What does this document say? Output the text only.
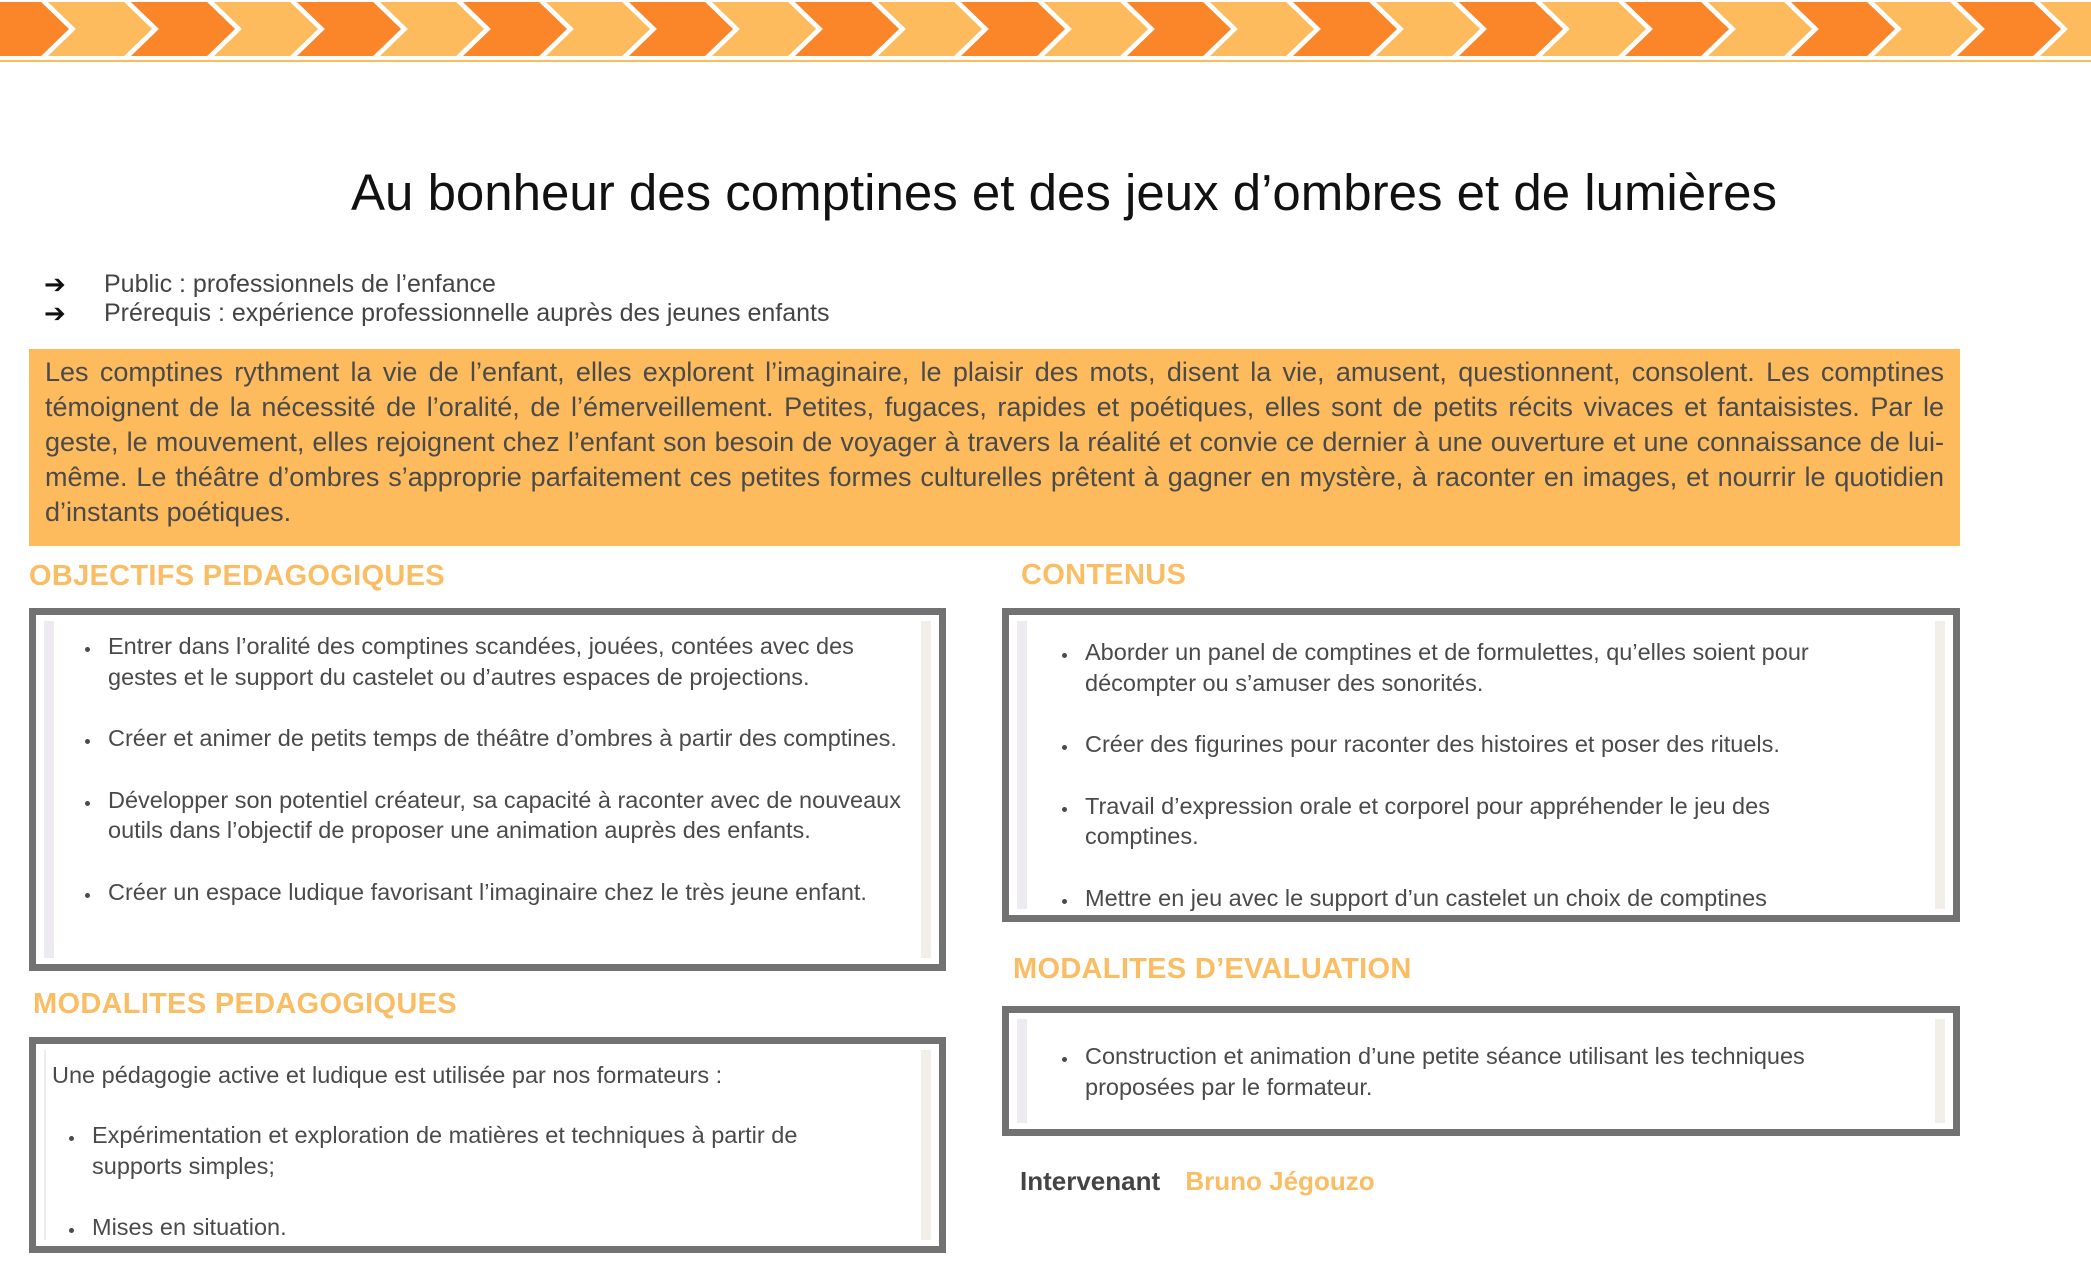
Au bonheur des comptines et des jeux d’ombres et de lumières
➔	Public : professionnels de l’enfance
➔	Prérequis : expérience professionnelle auprès des jeunes enfants
Les comptines rythment la vie de l’enfant, elles explorent l’imaginaire, le plaisir des mots, disent la vie, amusent, questionnent, consolent. Les comptines témoignent de la nécessité de l’oralité, de l’émerveillement. Petites, fugaces, rapides et poétiques, elles sont de petits récits vivaces et fantaisistes. Par le geste, le mouvement, elles rejoignent chez l’enfant son besoin de voyager à travers la réalité et convie ce dernier à une ouverture et une connaissance de lui-même. Le théâtre d’ombres s’approprie parfaitement ces petites formes culturelles prêtent à gagner en mystère, à raconter en images, et nourrir le quotidien d’instants poétiques.
OBJECTIFS PEDAGOGIQUES
• Entrer dans l’oralité des comptines scandées, jouées, contées avec des gestes et le support du castelet ou d’autres espaces de projections.
• Créer et animer de petits temps de théâtre d’ombres à partir des comptines.
• Développer son potentiel créateur, sa capacité à raconter avec de nouveaux outils dans l’objectif de proposer une animation auprès des enfants.
• Créer un espace ludique favorisant l’imaginaire chez le très jeune enfant.
CONTENUS
• Aborder un panel de comptines et de formulettes, qu’elles soient pour décompter ou s’amuser des sonorités.
• Créer des figurines pour raconter des histoires et poser des rituels.
• Travail d’expression orale et corporel pour appréhender le jeu des comptines.
• Mettre en jeu avec le support d’un castelet un choix de comptines
MODALITES PEDAGOGIQUES
Une pédagogie active et ludique est utilisée par nos formateurs :
• Expérimentation et exploration de matières et techniques à partir de supports simples;
• Mises en situation.
MODALITES D’EVALUATION
• Construction et animation d’une petite séance utilisant les techniques proposées par le formateur.
Intervenant Bruno Jégouzo
